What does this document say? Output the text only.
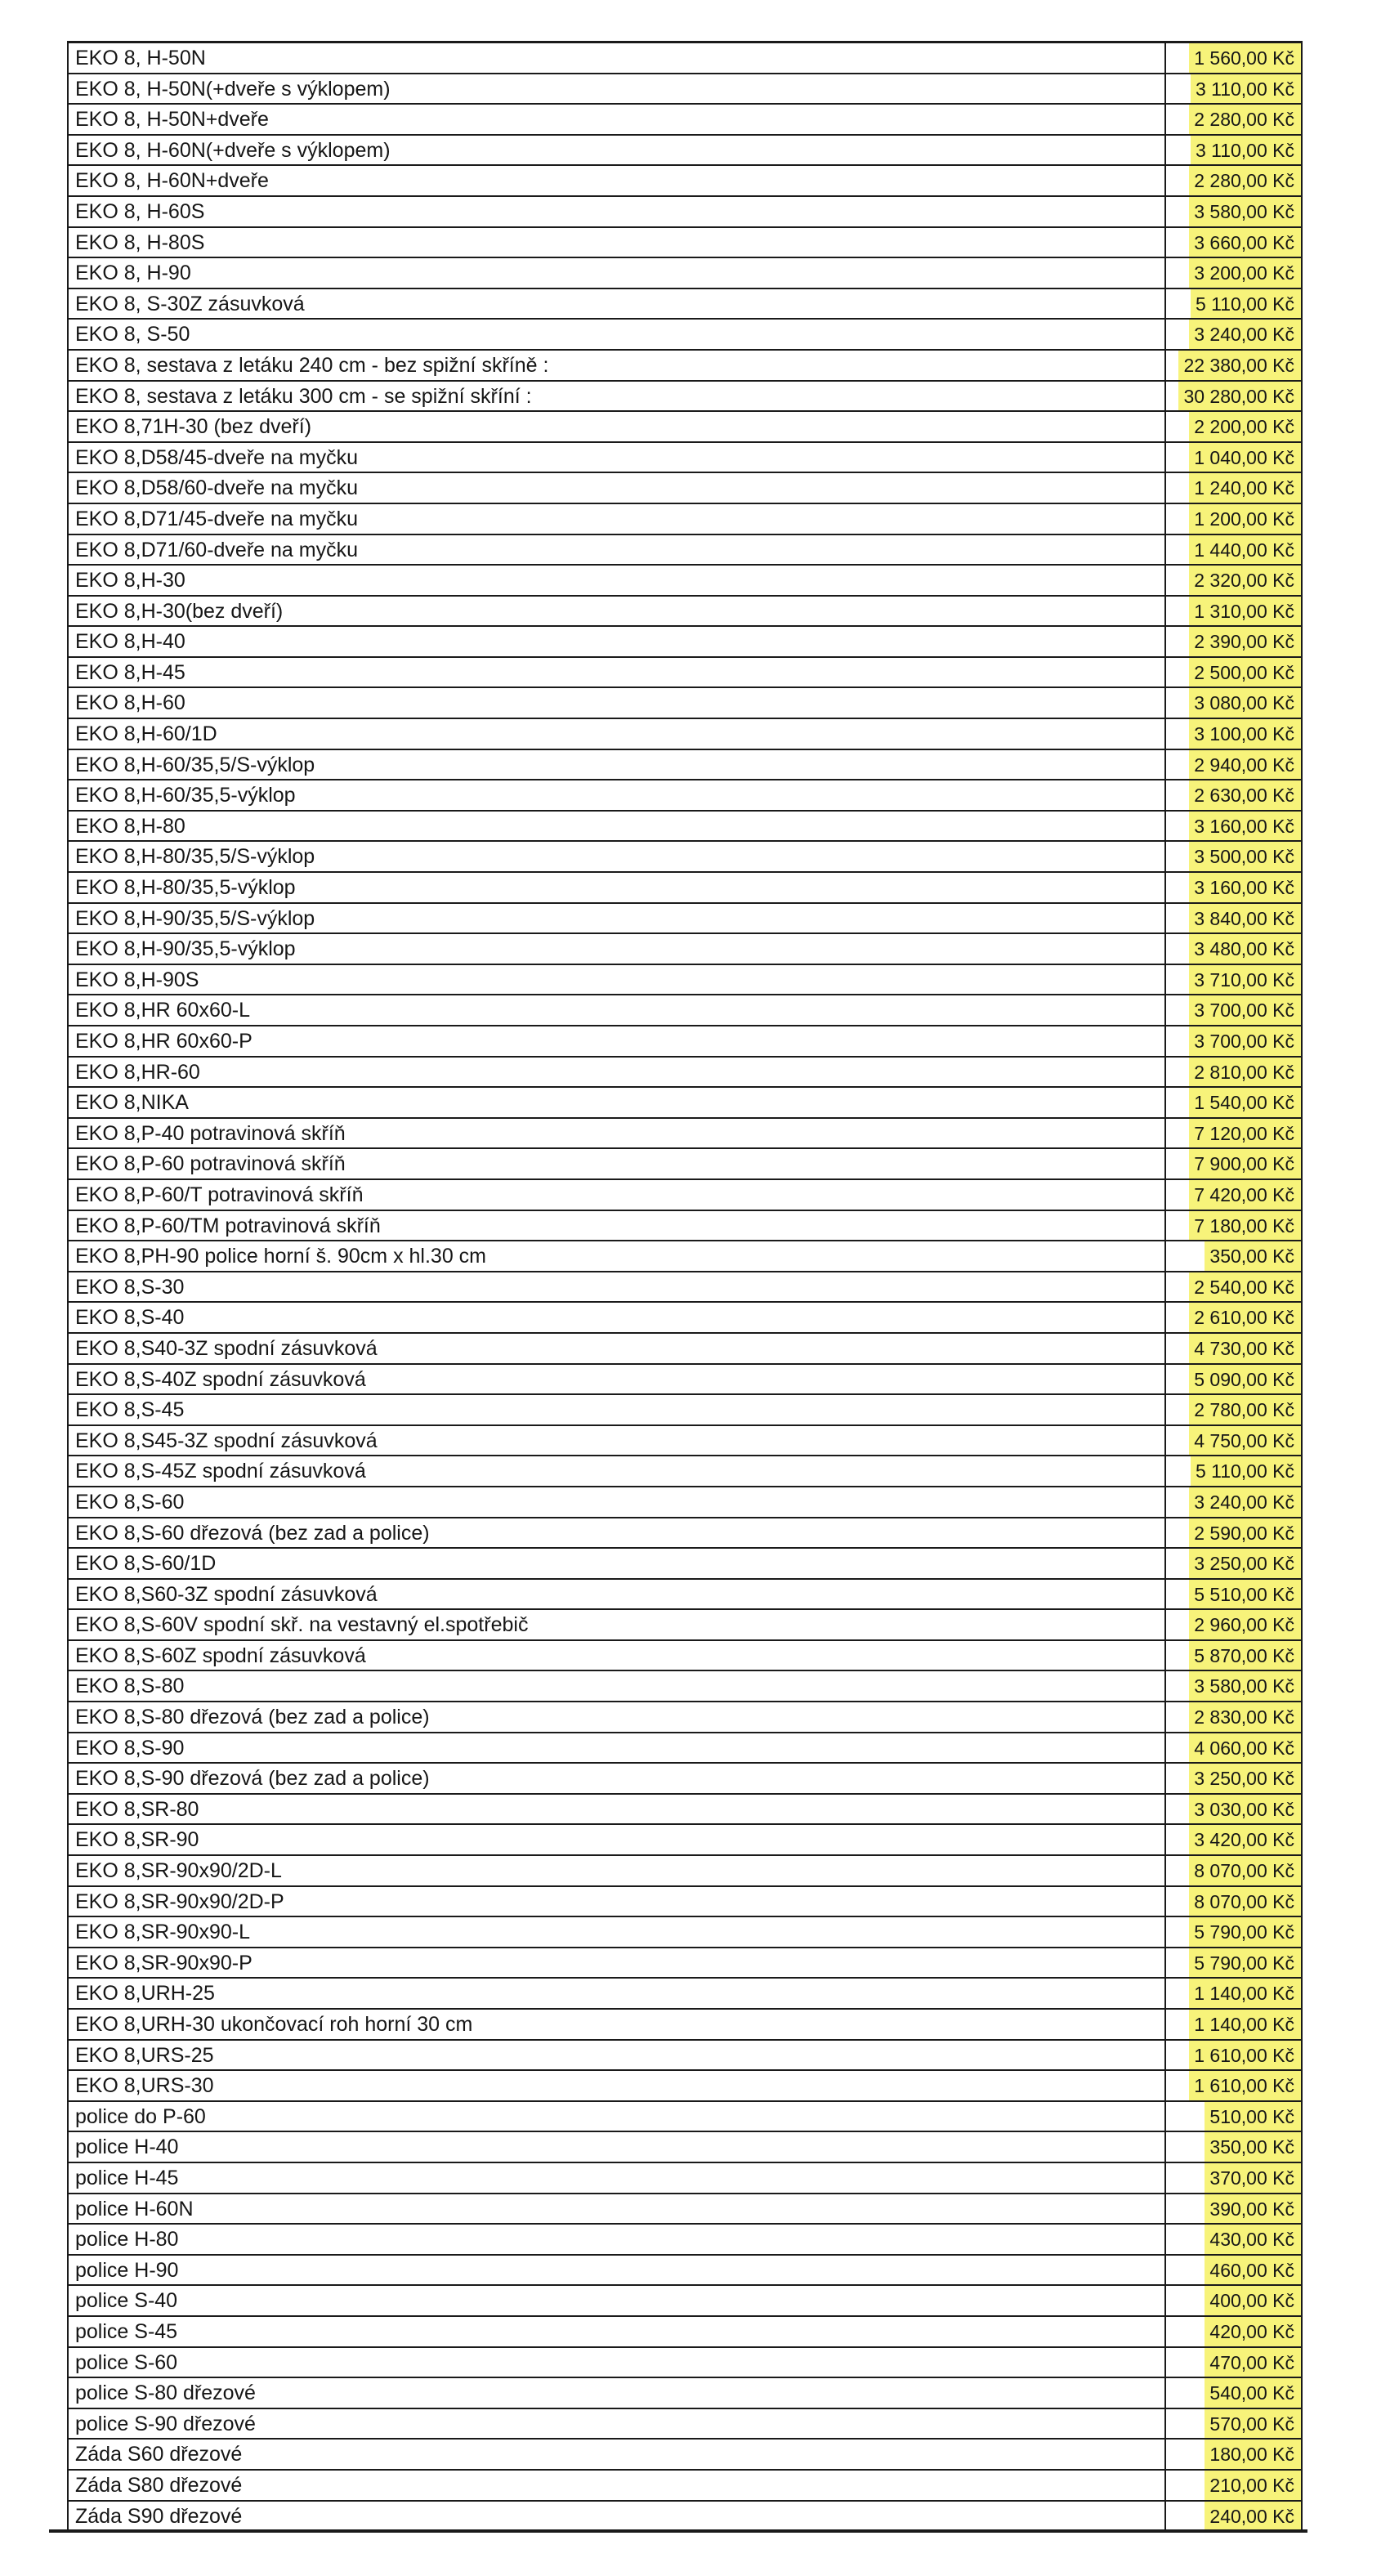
EKO 8, H-50N	1 560,00 Kč
EKO 8, H-50N(+dveře s výklopem)	3 110,00 Kč
EKO 8, H-50N+dveře	2 280,00 Kč
EKO 8, H-60N(+dveře s výklopem)	3 110,00 Kč
EKO 8, H-60N+dveře	2 280,00 Kč
EKO 8, H-60S	3 580,00 Kč
EKO 8, H-80S	3 660,00 Kč
EKO 8, H-90	3 200,00 Kč
EKO 8, S-30Z zásuvková	5 110,00 Kč
EKO 8, S-50	3 240,00 Kč
EKO 8, sestava z letáku 240 cm - bez spižní skříně :	22 380,00 Kč
EKO 8, sestava z letáku 300 cm - se spižní skříní :	30 280,00 Kč
EKO 8,71H-30 (bez dveří)	2 200,00 Kč
EKO 8,D58/45-dveře na myčku	1 040,00 Kč
EKO 8,D58/60-dveře na myčku	1 240,00 Kč
EKO 8,D71/45-dveře na myčku	1 200,00 Kč
EKO 8,D71/60-dveře na myčku	1 440,00 Kč
EKO 8,H-30	2 320,00 Kč
EKO 8,H-30(bez dveří)	1 310,00 Kč
EKO 8,H-40	2 390,00 Kč
EKO 8,H-45	2 500,00 Kč
EKO 8,H-60	3 080,00 Kč
EKO 8,H-60/1D	3 100,00 Kč
EKO 8,H-60/35,5/S-výklop	2 940,00 Kč
EKO 8,H-60/35,5-výklop	2 630,00 Kč
EKO 8,H-80	3 160,00 Kč
EKO 8,H-80/35,5/S-výklop	3 500,00 Kč
EKO 8,H-80/35,5-výklop	3 160,00 Kč
EKO 8,H-90/35,5/S-výklop	3 840,00 Kč
EKO 8,H-90/35,5-výklop	3 480,00 Kč
EKO 8,H-90S	3 710,00 Kč
EKO 8,HR 60x60-L	3 700,00 Kč
EKO 8,HR 60x60-P	3 700,00 Kč
EKO 8,HR-60	2 810,00 Kč
EKO 8,NIKA	1 540,00 Kč
EKO 8,P-40 potravinová skříň	7 120,00 Kč
EKO 8,P-60 potravinová skříň	7 900,00 Kč
EKO 8,P-60/T potravinová skříň	7 420,00 Kč
EKO 8,P-60/TM potravinová skříň	7 180,00 Kč
EKO 8,PH-90 police horní š. 90cm x hl.30 cm	350,00 Kč
EKO 8,S-30	2 540,00 Kč
EKO 8,S-40	2 610,00 Kč
EKO 8,S40-3Z spodní zásuvková	4 730,00 Kč
EKO 8,S-40Z spodní zásuvková	5 090,00 Kč
EKO 8,S-45	2 780,00 Kč
EKO 8,S45-3Z spodní zásuvková	4 750,00 Kč
EKO 8,S-45Z spodní zásuvková	5 110,00 Kč
EKO 8,S-60	3 240,00 Kč
EKO 8,S-60 dřezová (bez zad a police)	2 590,00 Kč
EKO 8,S-60/1D	3 250,00 Kč
EKO 8,S60-3Z spodní zásuvková	5 510,00 Kč
EKO 8,S-60V spodní skř. na vestavný el.spotřebič	2 960,00 Kč
EKO 8,S-60Z spodní zásuvková	5 870,00 Kč
EKO 8,S-80	3 580,00 Kč
EKO 8,S-80 dřezová (bez zad a police)	2 830,00 Kč
EKO 8,S-90	4 060,00 Kč
EKO 8,S-90 dřezová (bez zad a police)	3 250,00 Kč
EKO 8,SR-80	3 030,00 Kč
EKO 8,SR-90	3 420,00 Kč
EKO 8,SR-90x90/2D-L	8 070,00 Kč
EKO 8,SR-90x90/2D-P	8 070,00 Kč
EKO 8,SR-90x90-L	5 790,00 Kč
EKO 8,SR-90x90-P	5 790,00 Kč
EKO 8,URH-25	1 140,00 Kč
EKO 8,URH-30 ukončovací roh horní 30 cm	1 140,00 Kč
EKO 8,URS-25	1 610,00 Kč
EKO 8,URS-30	1 610,00 Kč
police do P-60	510,00 Kč
police H-40	350,00 Kč
police H-45	370,00 Kč
police H-60N	390,00 Kč
police H-80	430,00 Kč
police H-90	460,00 Kč
police S-40	400,00 Kč
police S-45	420,00 Kč
police S-60	470,00 Kč
police S-80 dřezové	540,00 Kč
police S-90 dřezové	570,00 Kč
Záda S60 dřezové	180,00 Kč
Záda S80 dřezové	210,00 Kč
Záda S90 dřezové	240,00 Kč
